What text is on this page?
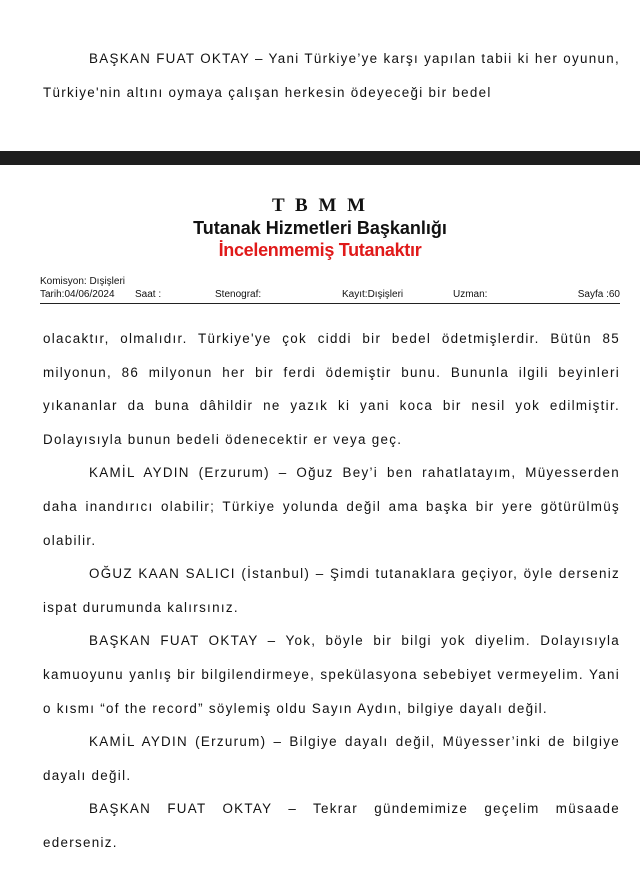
BAŞKAN FUAT OKTAY – Yani Türkiye’ye karşı yapılan tabii ki her oyunun, Türkiye'nin altını oymaya çalışan herkesin ödeyeceği bir bedel

T B M M
Tutanak Hizmetleri Başkanlığı
İncelenmemiş Tutanaktır
Komisyon: Dışişleri
Tarih:04/06/2024 Saat :	Stenograf:	Kayıt:Dışişleri	Uzman:	Sayfa :60

olacaktır, olmalıdır. Türkiye'ye çok ciddi bir bedel ödetmişlerdir. Bütün 85 milyonun, 86 milyonun her bir ferdi ödemiştir bunu. Bununla ilgili beyinleri yıkananlar da buna dâhildir ne yazık ki yani koca bir nesil yok edilmiştir. Dolayısıyla bunun bedeli ödenecektir er veya geç.

KAMİL AYDIN (Erzurum) – Oğuz Bey’i ben rahatlatayım, Müyesserden daha inandırıcı olabilir; Türkiye yolunda değil ama başka bir yere götürülmüş olabilir.

OĞUZ KAAN SALICI (İstanbul) – Şimdi tutanaklara geçiyor, öyle derseniz ispat durumunda kalırsınız.

BAŞKAN FUAT OKTAY – Yok, böyle bir bilgi yok diyelim. Dolayısıyla kamuoyunu yanlış bir bilgilendirmeye, spekülasyona sebebiyet vermeyelim. Yani o kısmı “of the record” söylemiş oldu Sayın Aydın, bilgiye dayalı değil.

KAMİL AYDIN (Erzurum) – Bilgiye dayalı değil, Müyesser’inki de bilgiye dayalı değil.

BAŞKAN FUAT OKTAY – Tekrar gündemimize geçelim müsaade ederseniz.
